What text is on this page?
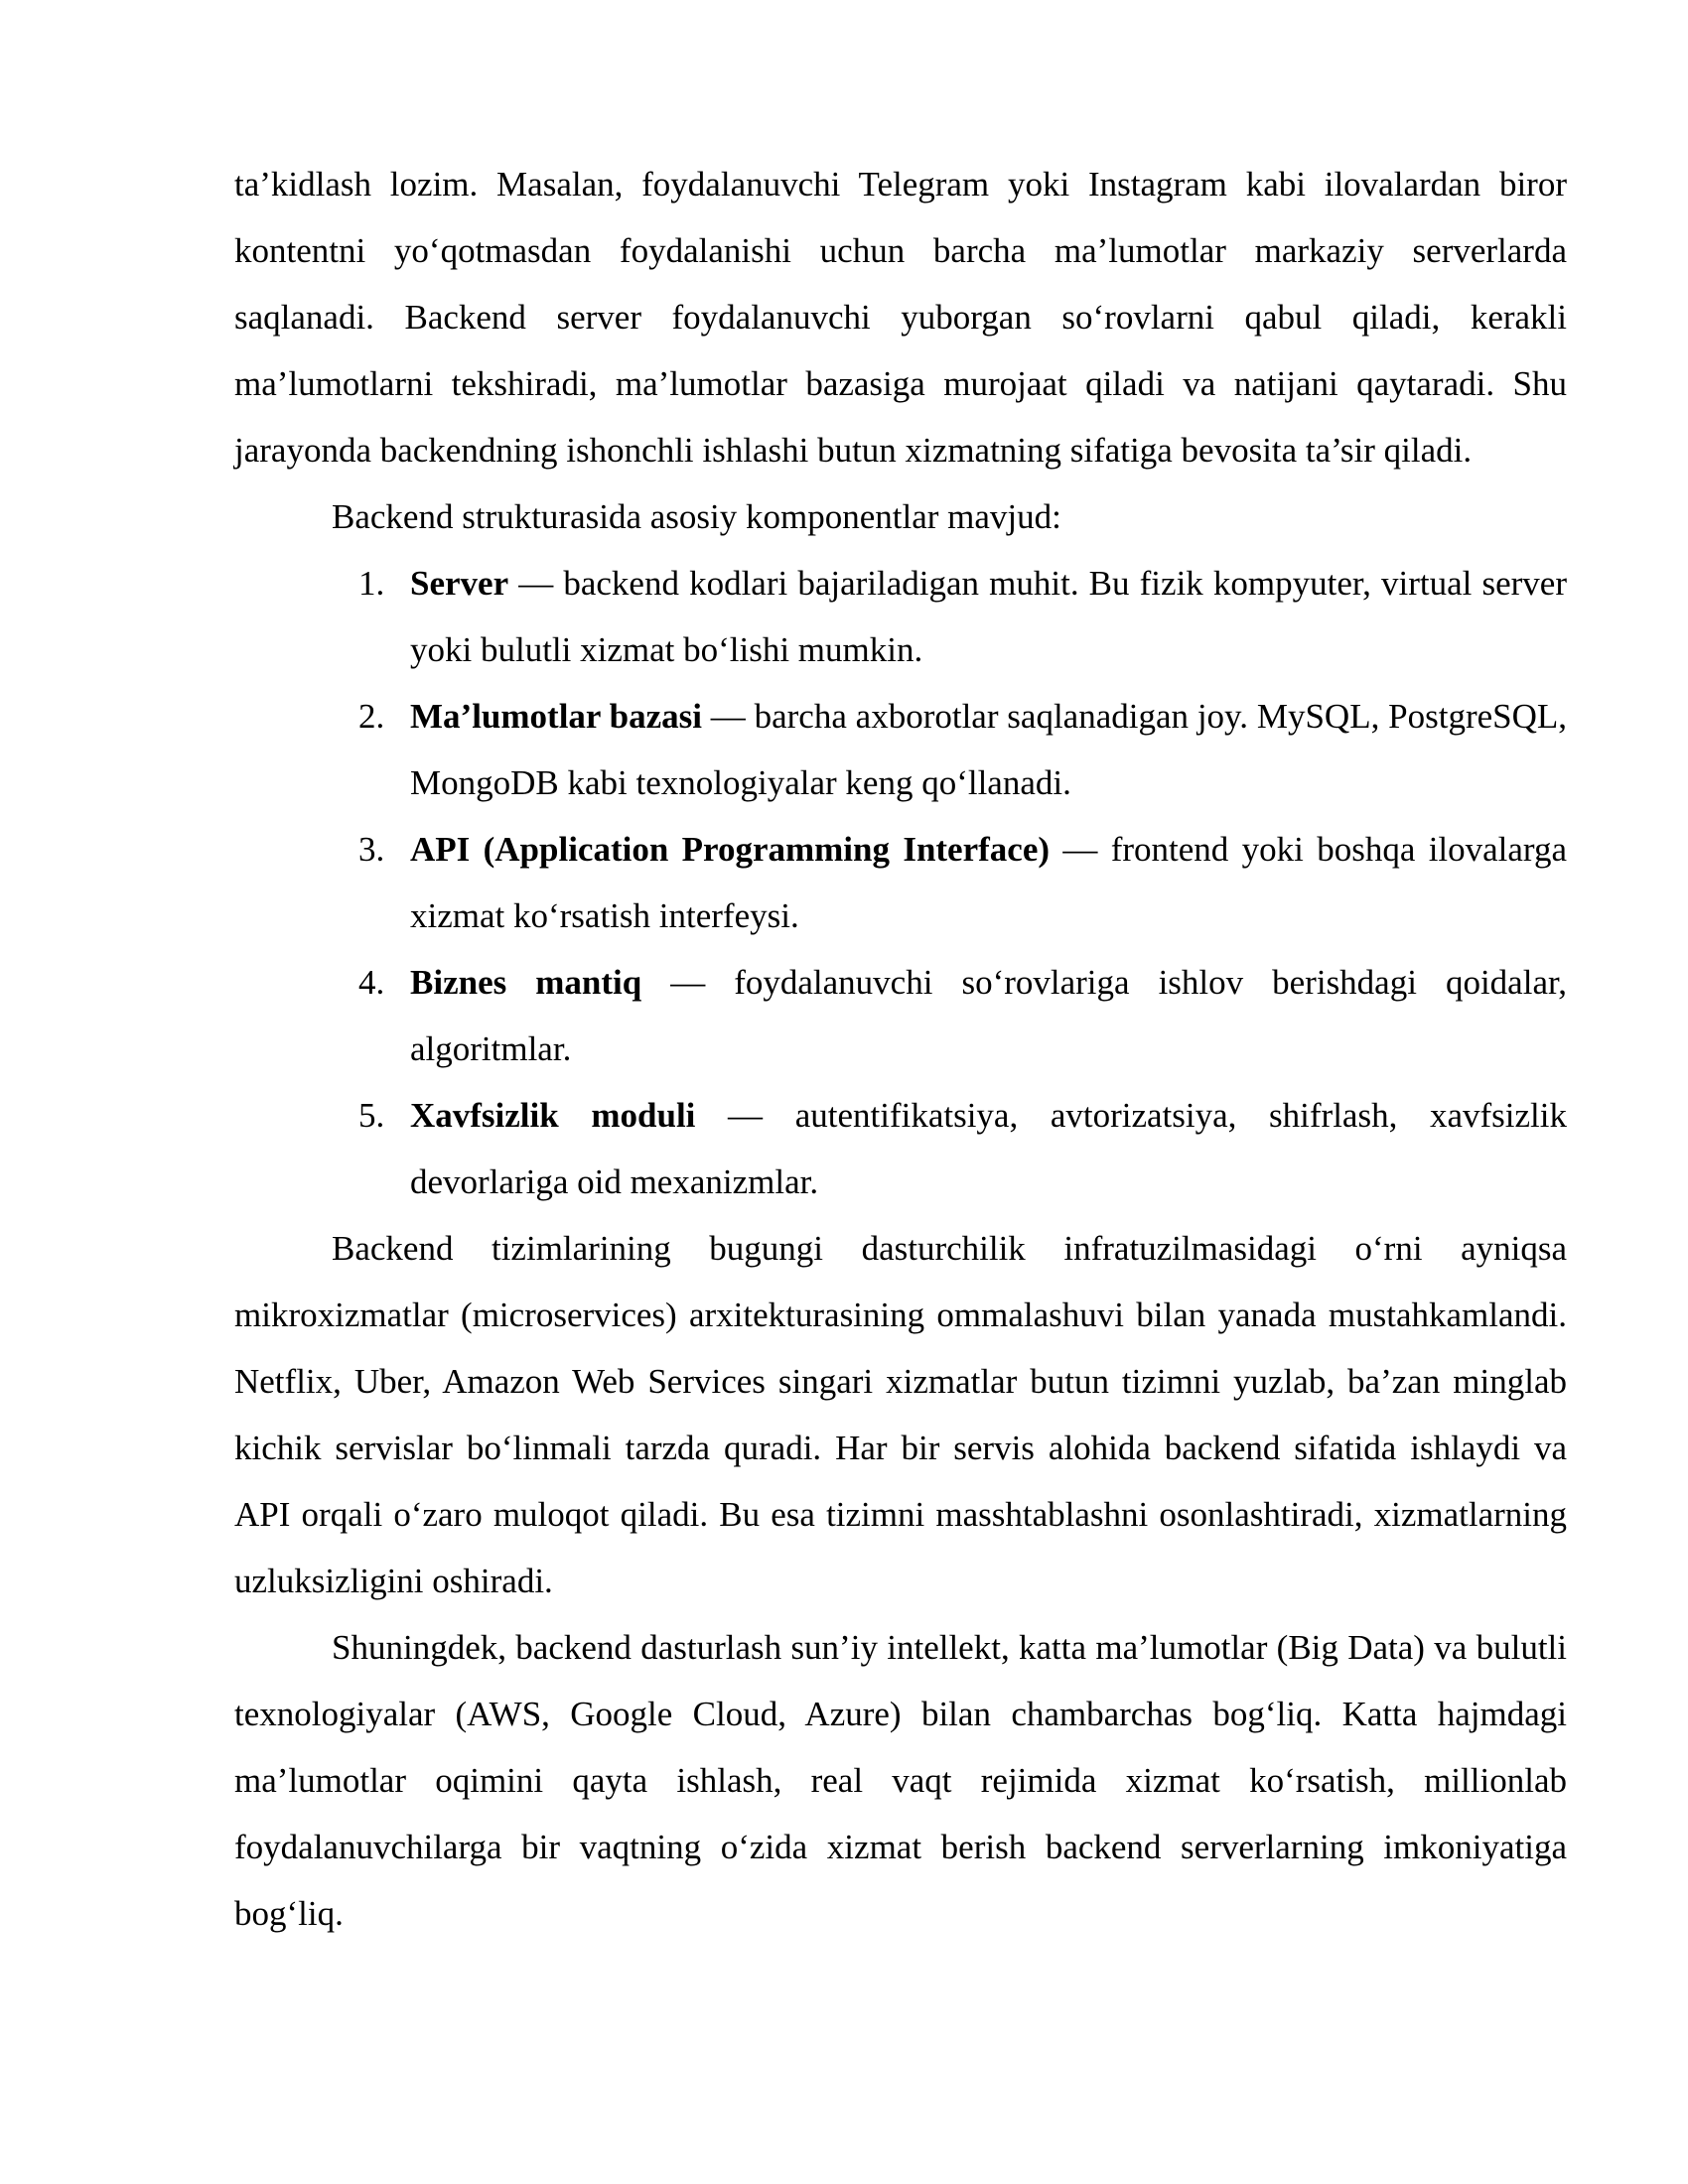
ta’kidlash lozim. Masalan, foydalanuvchi Telegram yoki Instagram kabi ilovalardan biror kontentni yo‘qotmasdan foydalanishi uchun barcha ma’lumotlar markaziy serverlarda saqlanadi. Backend server foydalanuvchi yuborgan so‘rovlarni qabul qiladi, kerakli ma’lumotlarni tekshiradi, ma’lumotlar bazasiga murojaat qiladi va natijani qaytaradi. Shu jarayonda backendning ishonchli ishlashi butun xizmatning sifatiga bevosita ta’sir qiladi.

Backend strukturasida asosiy komponentlar mavjud:

1. Server — backend kodlari bajariladigan muhit. Bu fizik kompyuter, virtual server yoki bulutli xizmat bo‘lishi mumkin.
2. Ma’lumotlar bazasi — barcha axborotlar saqlanadigan joy. MySQL, PostgreSQL, MongoDB kabi texnologiyalar keng qo‘llanadi.
3. API (Application Programming Interface) — frontend yoki boshqa ilovalarga xizmat ko‘rsatish interfeysi.
4. Biznes mantiq — foydalanuvchi so‘rovlariga ishlov berishdagi qoidalar, algoritmlar.
5. Xavfsizlik moduli — autentifikatsiya, avtorizatsiya, shifrlash, xavfsizlik devorlariga oid mexanizmlar.

Backend tizimlarining bugungi dasturchilik infratuzilmasidagi o‘rni ayniqsa mikroxizmatlar (microservices) arxitekturasining ommalashuvi bilan yanada mustahkamlandi. Netflix, Uber, Amazon Web Services singari xizmatlar butun tizimni yuzlab, ba’zan minglab kichik servislar bo‘linmali tarzda quradi. Har bir servis alohida backend sifatida ishlaydi va API orqali o‘zaro muloqot qiladi. Bu esa tizimni masshtablashni osonlashtiradi, xizmatlarning uzluksizligini oshiradi.

Shuningdek, backend dasturlash sun’iy intellekt, katta ma’lumotlar (Big Data) va bulutli texnologiyalar (AWS, Google Cloud, Azure) bilan chambarchas bog‘liq. Katta hajmdagi ma’lumotlar oqimini qayta ishlash, real vaqt rejimida xizmat ko‘rsatish, millionlab foydalanuvchilarga bir vaqtning o‘zida xizmat berish backend serverlarning imkoniyatiga bog‘liq.
